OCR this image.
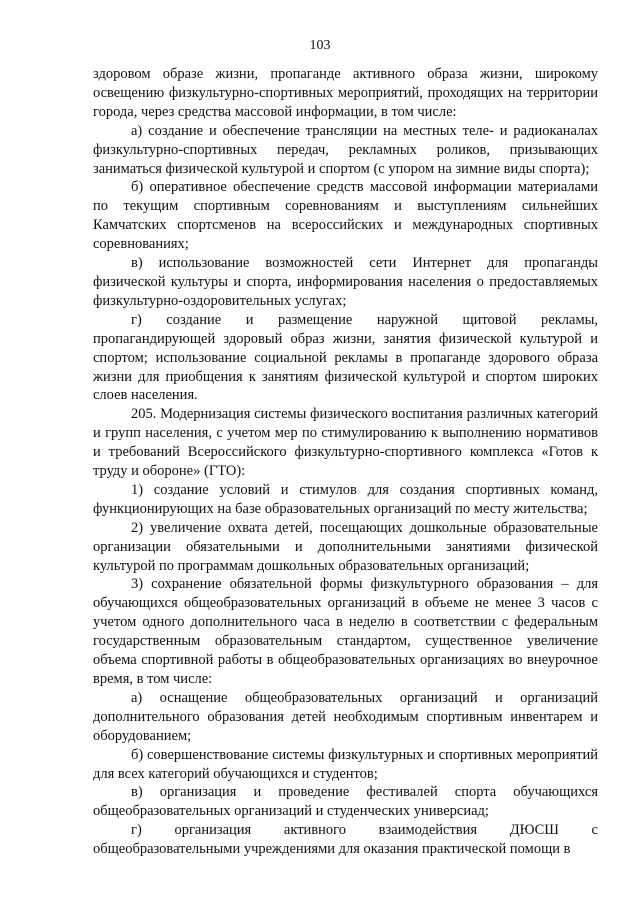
103

здоровом образе жизни, пропаганде активного образа жизни, широкому освещению физкультурно-спортивных мероприятий, проходящих на территории города, через средства массовой информации, в том числе:

а) создание и обеспечение трансляции на местных теле- и радиоканалах физкультурно-спортивных передач, рекламных роликов, призывающих заниматься физической культурой и спортом (с упором на зимние виды спорта);

б) оперативное обеспечение средств массовой информации материалами по текущим спортивным соревнованиям и выступлениям сильнейших Камчатских спортсменов на всероссийских и международных спортивных соревнованиях;

в) использование возможностей сети Интернет для пропаганды физической культуры и спорта, информирования населения о предоставляемых физкультурно-оздоровительных услугах;

г) создание и размещение наружной щитовой рекламы, пропагандирующей здоровый образ жизни, занятия физической культурой и спортом; использование социальной рекламы в пропаганде здорового образа жизни для приобщения к занятиям физической культурой и спортом широких слоев населения.

205. Модернизация системы физического воспитания различных категорий и групп населения, с учетом мер по стимулированию к выполнению нормативов и требований Всероссийского физкультурно-спортивного комплекса «Готов к труду и обороне» (ГТО):

1) создание условий и стимулов для создания спортивных команд, функционирующих на базе образовательных организаций по месту жительства;

2) увеличение охвата детей, посещающих дошкольные образовательные организации обязательными и дополнительными занятиями физической культурой по программам дошкольных образовательных организаций;

3) сохранение обязательной формы физкультурного образования – для обучающихся общеобразовательных организаций в объеме не менее 3 часов с учетом одного дополнительного часа в неделю в соответствии с федеральным государственным образовательным стандартом, существенное увеличение объема спортивной работы в общеобразовательных организациях во внеурочное время, в том числе:

а) оснащение общеобразовательных организаций и организаций дополнительного образования детей необходимым спортивным инвентарем и оборудованием;

б) совершенствование системы физкультурных и спортивных мероприятий для всех категорий обучающихся и студентов;

в) организация и проведение фестивалей спорта обучающихся общеобразовательных организаций и студенческих универсиад;

г) организация активного взаимодействия ДЮСШ с общеобразовательными учреждениями для оказания практической помощи в
